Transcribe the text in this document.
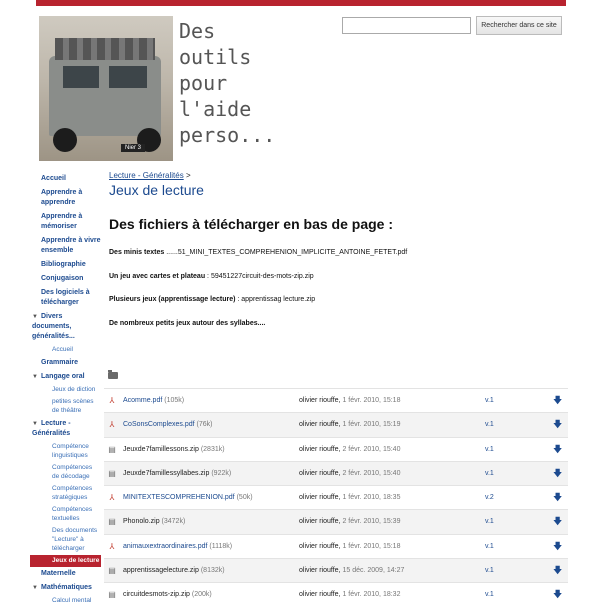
Nier 3
Des
outils
pour
l'aide
perso...
Rechercher dans ce site
Accueil
Apprendre à apprendre
Apprendre à mémoriser
Apprendre à vivre ensemble
Bibliographie
Conjugaison
Des logiciels à télécharger
▼ Divers documents, généralités...
Accueil
Grammaire
▼ Langage oral
Jeux de diction
petites scènes de théâtre
▼ Lecture - Généralités
Compétence linguistiques
Compétences de décodage
Compétences stratégiques
Compétences textuelles
Des documents "Lecture" à télécharger
Jeux de lecture
Maternelle
▼ Mathématiques
Calcul mental
Lecture - Généralités >
Jeux de lecture
Des fichiers à télécharger en bas de page :
Des minis textes ......51_MINI_TEXTES_COMPREHENION_IMPLICITE_ANTOINE_FETET.pdf
Un jeu avec cartes et plateau : 59451227circuit-des-mots-zip.zip
Plusieurs jeux (apprentissage lecture) : apprentissag lecture.zip
De nombreux petits jeux autour des syllabes....
⅄ Acomme.pdf (105k)	olivier riouffe, 1 févr. 2010, 15:18	v.1	🡇
⅄ CoSonsComplexes.pdf (76k)	olivier riouffe, 1 févr. 2010, 15:19	v.1	🡇
▤ Jeuxde7famillessons.zip (2831k)	olivier riouffe, 2 févr. 2010, 15:40	v.1	🡇
▤ Jeuxde7famillessyllabes.zip (922k)	olivier riouffe, 2 févr. 2010, 15:40	v.1	🡇
⅄ MINITEXTESCOMPREHENION.pdf (50k)	olivier riouffe, 1 févr. 2010, 18:35	v.2	🡇
▤ Phonolo.zip (3472k)	olivier riouffe, 2 févr. 2010, 15:39	v.1	🡇
⅄ animauxextraordinaires.pdf (1118k)	olivier riouffe, 1 févr. 2010, 15:18	v.1	🡇
▤ apprentissagelecture.zip (8132k)	olivier riouffe, 15 déc. 2009, 14:27	v.1	🡇
▤ circuitdesmots-zip.zip (200k)	olivier riouffe, 1 févr. 2010, 18:32	v.1	🡇
